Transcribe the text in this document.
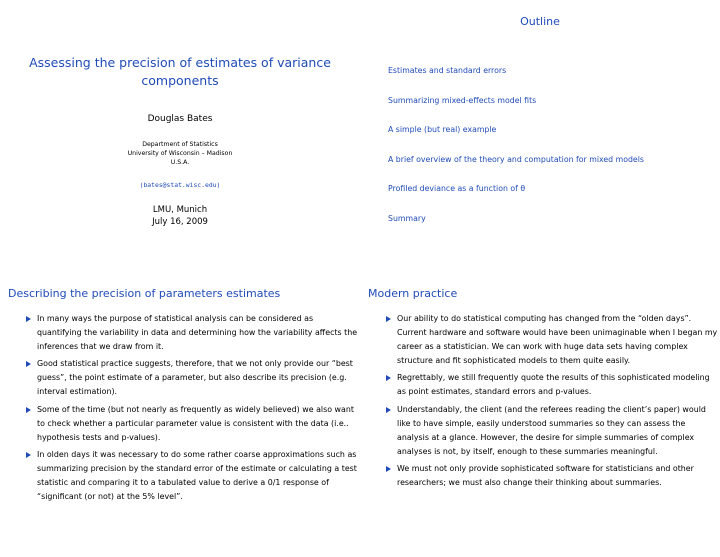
Assessing the precision of estimates of variance components
Douglas Bates
Department of Statistics
University of Wisconsin – Madison
U.S.A.
(bates@stat.wisc.edu)
LMU, Munich
July 16, 2009
Outline
Estimates and standard errors
Summarizing mixed-effects model fits
A simple (but real) example
A brief overview of the theory and computation for mixed models
Profiled deviance as a function of θ
Summary
Describing the precision of parameters estimates
In many ways the purpose of statistical analysis can be considered as quantifying the variability in data and determining how the variability affects the inferences that we draw from it.
Good statistical practice suggests, therefore, that we not only provide our “best guess”, the point estimate of a parameter, but also describe its precision (e.g. interval estimation).
Some of the time (but not nearly as frequently as widely believed) we also want to check whether a particular parameter value is consistent with the data (i.e.. hypothesis tests and p-values).
In olden days it was necessary to do some rather coarse approximations such as summarizing precision by the standard error of the estimate or calculating a test statistic and comparing it to a tabulated value to derive a 0/1 response of “significant (or not) at the 5% level”.
Modern practice
Our ability to do statistical computing has changed from the “olden days”. Current hardware and software would have been unimaginable when I began my career as a statistician. We can work with huge data sets having complex structure and fit sophisticated models to them quite easily.
Regrettably, we still frequently quote the results of this sophisticated modeling as point estimates, standard errors and p-values.
Understandably, the client (and the referees reading the client’s paper) would like to have simple, easily understood summaries so they can assess the analysis at a glance. However, the desire for simple summaries of complex analyses is not, by itself, enough to these summaries meaningful.
We must not only provide sophisticated software for statisticians and other researchers; we must also change their thinking about summaries.
